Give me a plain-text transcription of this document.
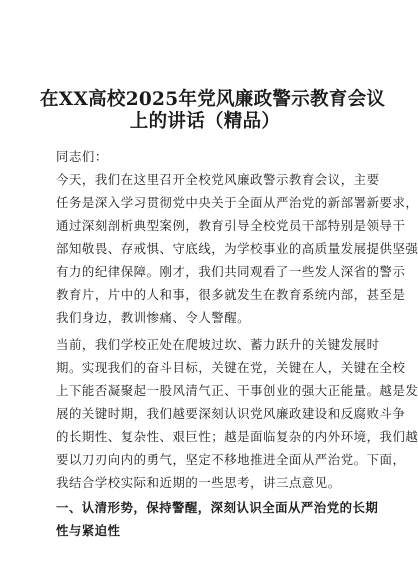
在XX高校2025年党风廉政警示教育会议
上的讲话（精品）
同志们：
今天，我们在这里召开全校党风廉政警示教育会议，主要
任务是深入学习贯彻党中央关于全面从严治党的新部署新要求，
通过深刻剖析典型案例，教育引导全校党员干部特别是领导干
部知敬畏、存戒惧、守底线，为学校事业的高质量发展提供坚强
有力的纪律保障。刚才，我们共同观看了一些发人深省的警示
教育片，片中的人和事，很多就发生在教育系统内部，甚至是
我们身边，教训惨痛、令人警醒。
当前，我们学校正处在爬坡过坎、蓄力跃升的关键发展时
期。实现我们的奋斗目标，关键在党，关键在人，关键在全校
上下能否凝聚起一股风清气正、干事创业的强大正能量。越是发
展的关键时期，我们越要深刻认识党风廉政建设和反腐败斗争
的长期性、复杂性、艰巨性；越是面临复杂的内外环境，我们越
要以刀刃向内的勇气，坚定不移地推进全面从严治党。下面，
我结合学校实际和近期的一些思考，讲三点意见。
一、认清形势，保持警醒，深刻认识全面从严治党的长期
性与紧迫性
